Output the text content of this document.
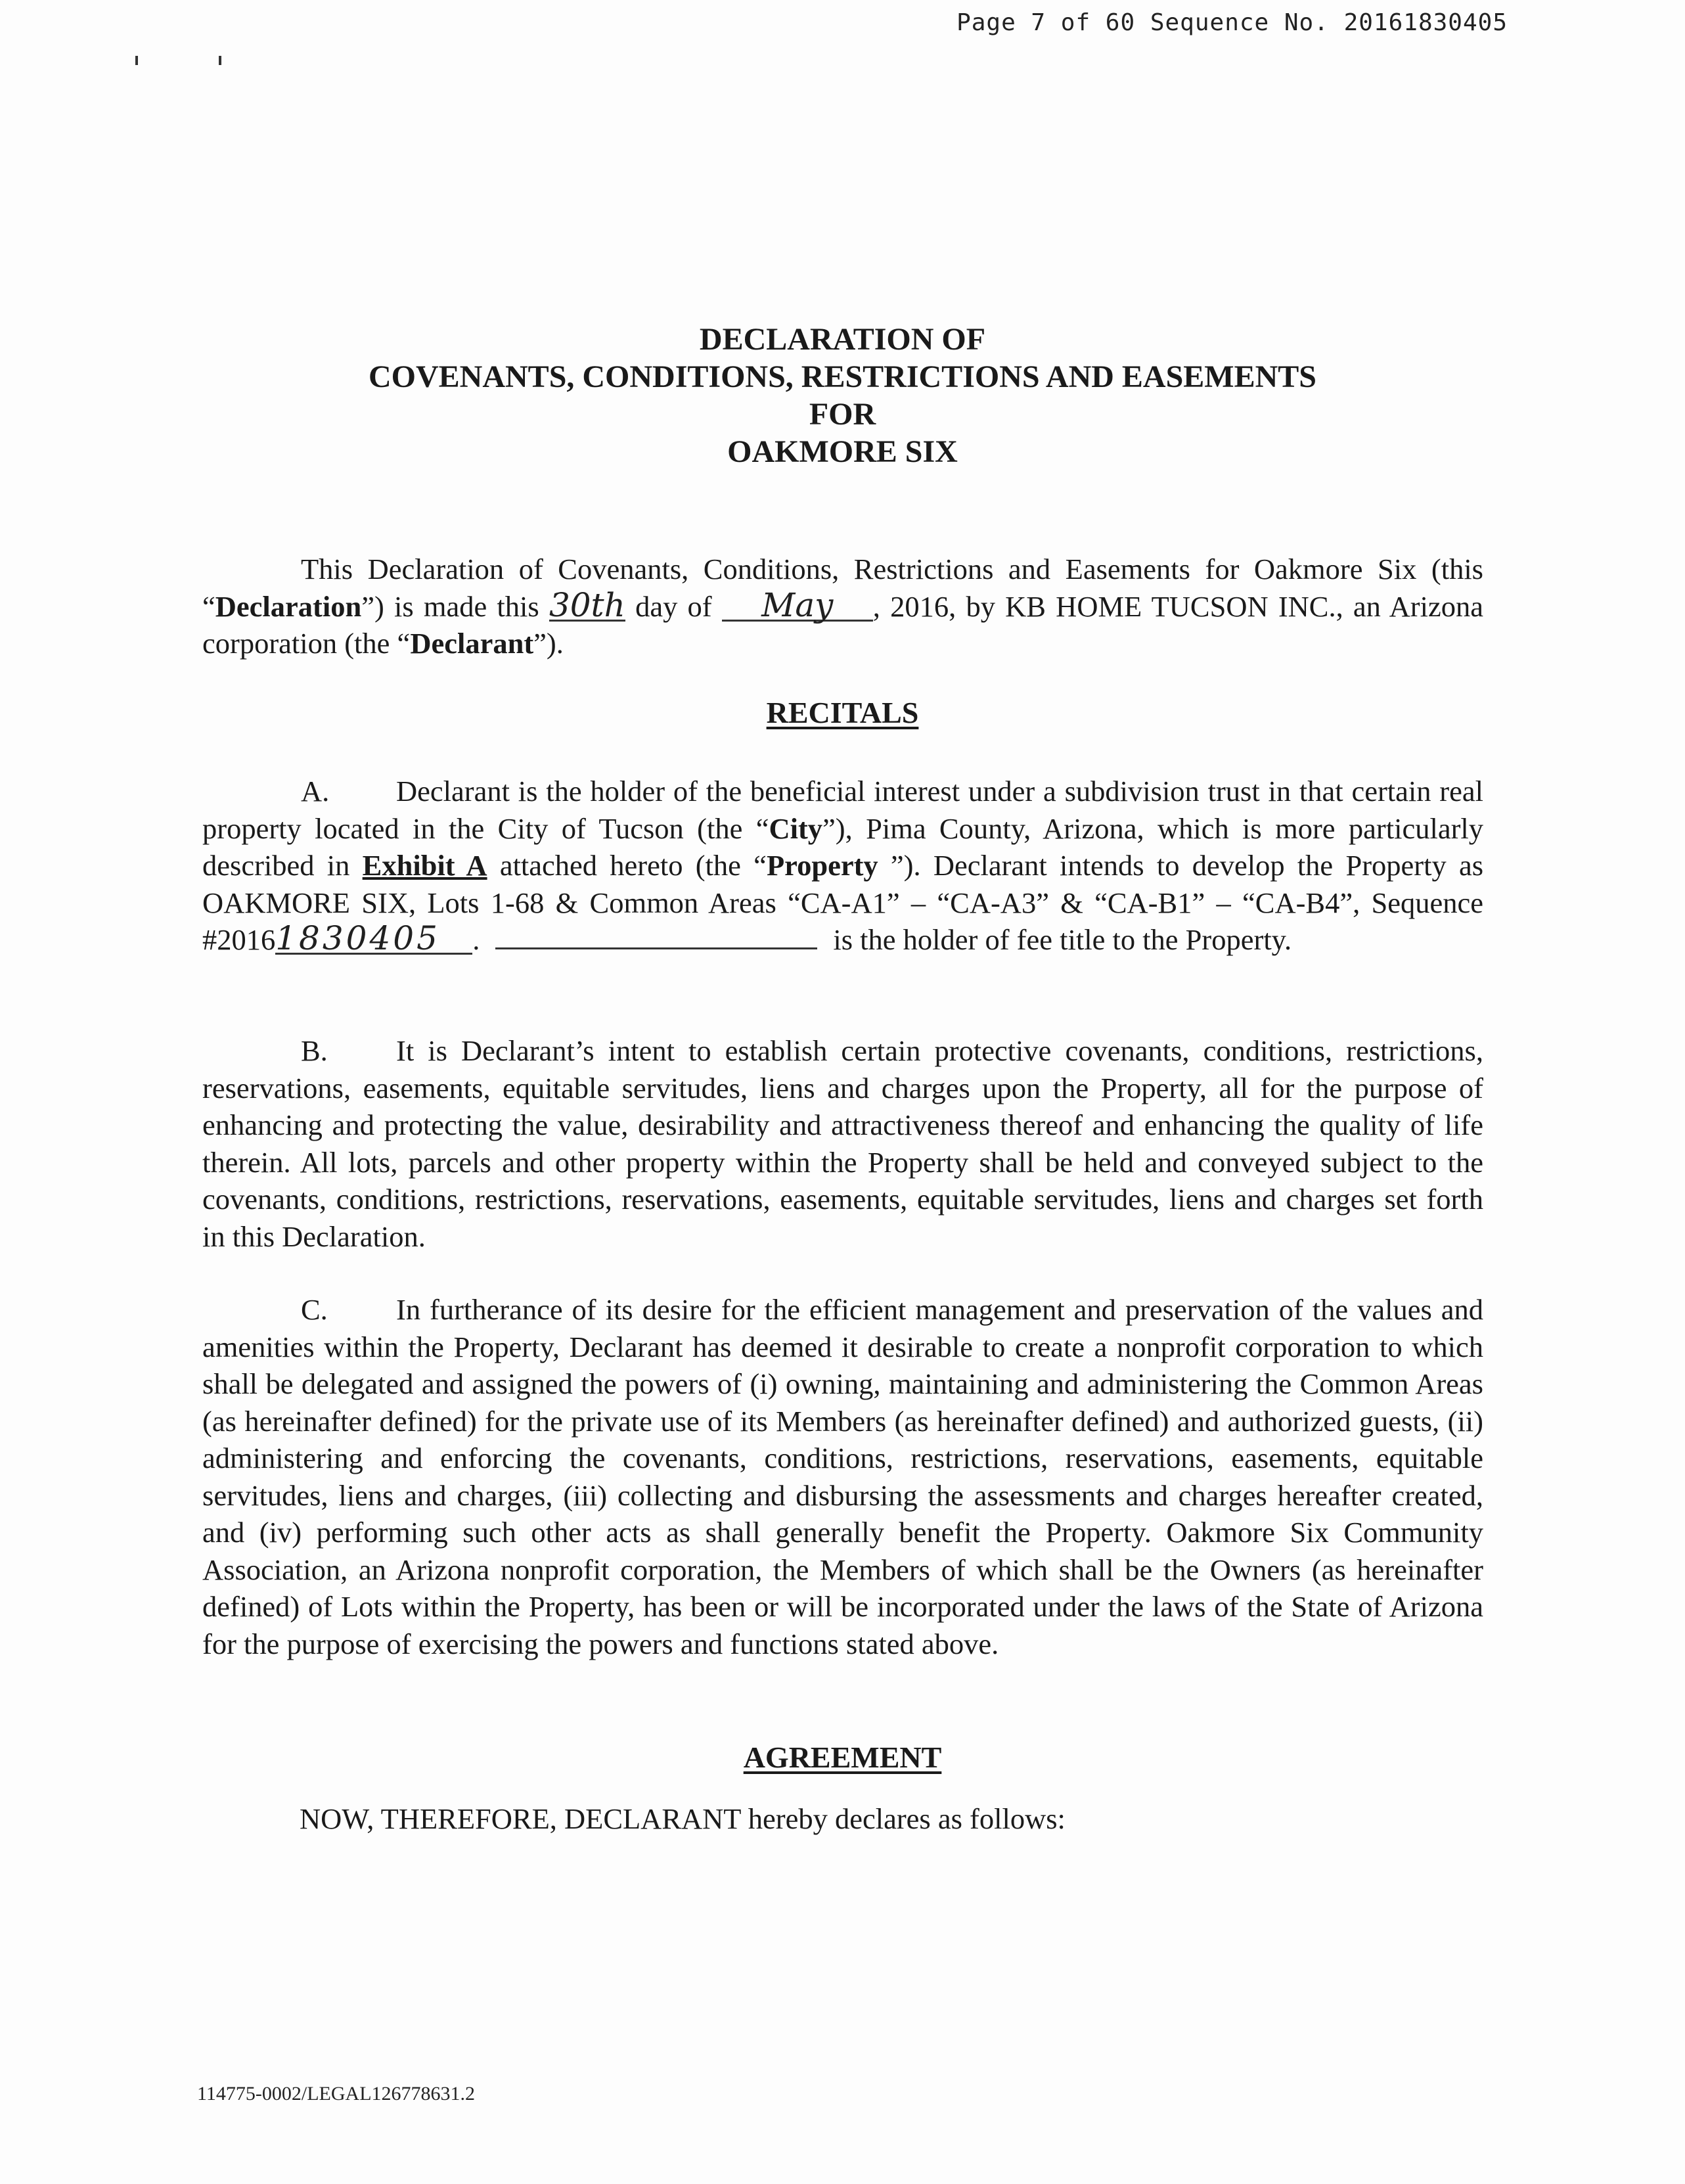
Page 7 of 60 Sequence No. 20161830405
DECLARATION OF
COVENANTS, CONDITIONS, RESTRICTIONS AND EASEMENTS
FOR
OAKMORE SIX
This Declaration of Covenants, Conditions, Restrictions and Easements for Oakmore Six (this “Declaration”) is made this 30th day of May , 2016, by KB HOME TUCSON INC., an Arizona corporation (the “Declarant”).
RECITALS
A. Declarant is the holder of the beneficial interest under a subdivision trust in that certain real property located in the City of Tucson (the “City”), Pima County, Arizona, which is more particularly described in Exhibit A attached hereto (the “Property ”). Declarant intends to develop the Property as OAKMORE SIX, Lots 1-68 & Common Areas “CA-A1” – “CA-A3” & “CA-B1” – “CA-B4”, Sequence #20161830405 .	is the holder of fee title to the Property.
B. It is Declarant’s intent to establish certain protective covenants, conditions, restrictions, reservations, easements, equitable servitudes, liens and charges upon the Property, all for the purpose of enhancing and protecting the value, desirability and attractiveness thereof and enhancing the quality of life therein. All lots, parcels and other property within the Property shall be held and conveyed subject to the covenants, conditions, restrictions, reservations, easements, equitable servitudes, liens and charges set forth in this Declaration.
C. In furtherance of its desire for the efficient management and preservation of the values and amenities within the Property, Declarant has deemed it desirable to create a nonprofit corporation to which shall be delegated and assigned the powers of (i) owning, maintaining and administering the Common Areas (as hereinafter defined) for the private use of its Members (as hereinafter defined) and authorized guests, (ii) administering and enforcing the covenants, conditions, restrictions, reservations, easements, equitable servitudes, liens and charges, (iii) collecting and disbursing the assessments and charges hereafter created, and (iv) performing such other acts as shall generally benefit the Property. Oakmore Six Community Association, an Arizona nonprofit corporation, the Members of which shall be the Owners (as hereinafter defined) of Lots within the Property, has been or will be incorporated under the laws of the State of Arizona for the purpose of exercising the powers and functions stated above.
AGREEMENT
NOW, THEREFORE, DECLARANT hereby declares as follows:
114775-0002/LEGAL126778631.2
